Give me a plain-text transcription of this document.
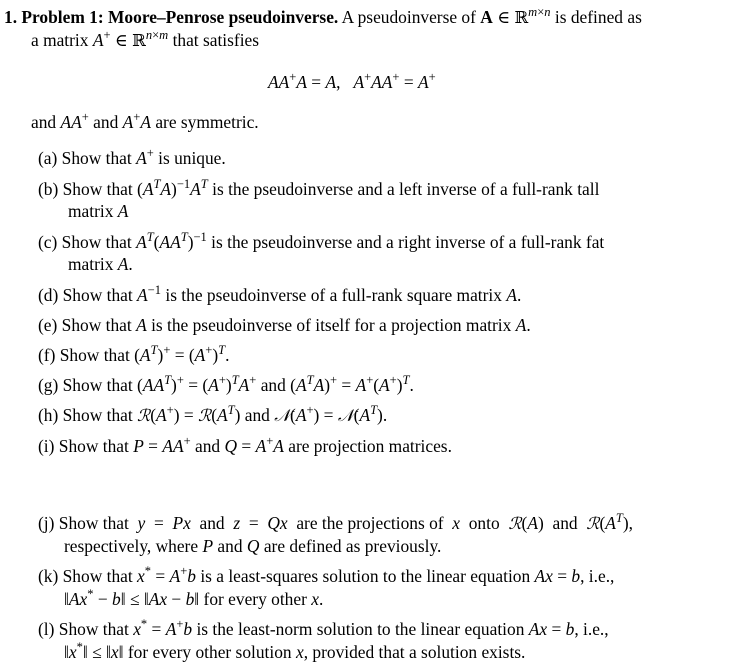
1. Problem 1: Moore–Penrose pseudoinverse. A pseudoinverse of A ∈ ℝ$^{m\times n}$ is defined as
a matrix A+ ∈ ℝ$^{n\times m}$ that satisfies
AA+A = A,   A+AA+ = A+
and AA+ and A+A are symmetric.
(a) Show that A+ is unique.
(b) Show that $(A^TA)^{-1}A^T$ is the pseudoinverse and a left inverse of a full-rank tall
matrix A
(c) Show that $A^T(AA^T)^{-1}$ is the pseudoinverse and a right inverse of a full-rank fat
matrix A.
(d) Show that $A^{-1}$ is the pseudoinverse of a full-rank square matrix A.
(e) Show that A is the pseudoinverse of itself for a projection matrix A.
(f) Show that $(A^T)^+ = (A^+)^T$.
(g) Show that $(AA^T)^+ = (A^+)^TA^+$ and $(A^TA)^+ = A^+(A^+)^T$.
(h) Show that ℛ(A+) = $ℛ(A^T)$ and 𝒩(A+) = $𝒩(A^T)$.
(i) Show that P = AA+ and Q = A+A are projection matrices.
(j) Show that y  =  Px and z  =  Qx are the projections of x onto ℛ(A)  and $ℛ(A^T)$,
respectively, where P and Q are defined as previously.
(k) Show that x* = A+b is a least-squares solution to the linear equation Ax = b, i.e.,
‖Ax* − b‖ ≤ ‖Ax − b‖ for every other x.
(l) Show that x* = A+b is the least-norm solution to the linear equation Ax = b, i.e.,
‖x*‖ ≤ ‖x‖ for every other solution x, provided that a solution exists.
